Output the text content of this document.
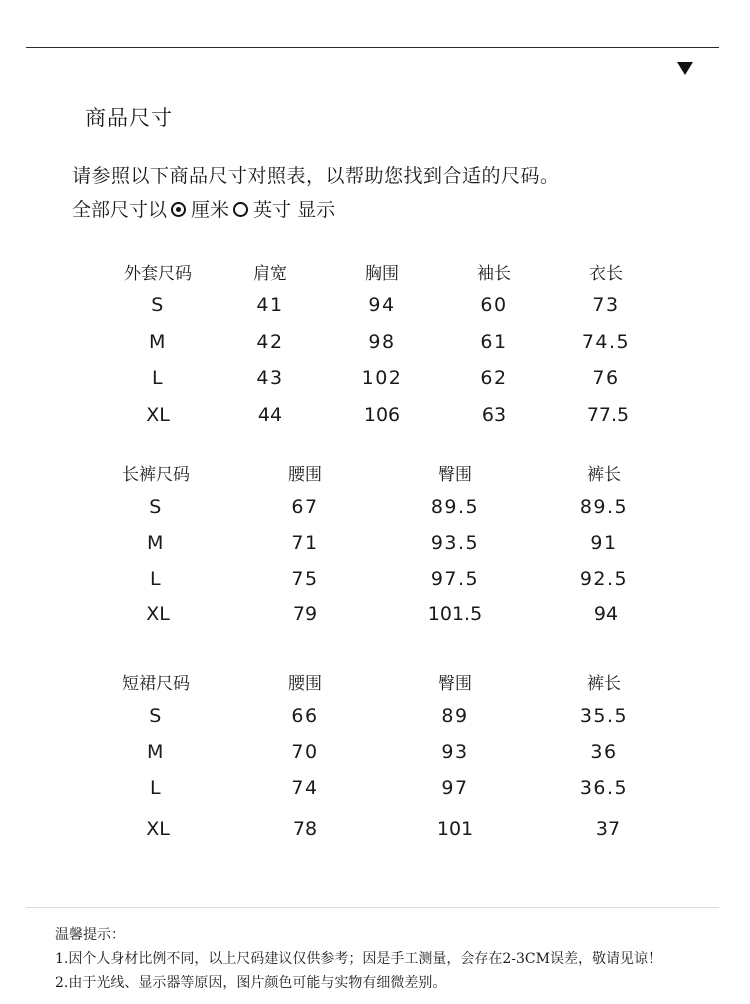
商品尺寸
请参照以下商品尺寸对照表，以帮助您找到合适的尺码。
全部尺寸以 厘米 英寸
显示
外套尺码	肩宽	胸围	袖长	衣长
S	41	94	60	73
M	42	98	61	74.5
L	43	102	62	76
XL	44	106	63	77.5
长裤尺码	腰围	臀围	裤长
S	67	89.5	89.5
M	71	93.5	91
L	75	97.5	92.5
XL	79	101.5	94
短裙尺码	腰围	臀围	裤长
S	66	89	35.5
M	70	93	36
L	74	97	36.5
XL	78	101	37
温馨提示：
1.因个人身材比例不同，以上尺码建议仅供参考；因是手工测量，会存在2-3CM误差，敬请见谅！
2.由于光线、显示器等原因，图片颜色可能与实物有细微差别。
